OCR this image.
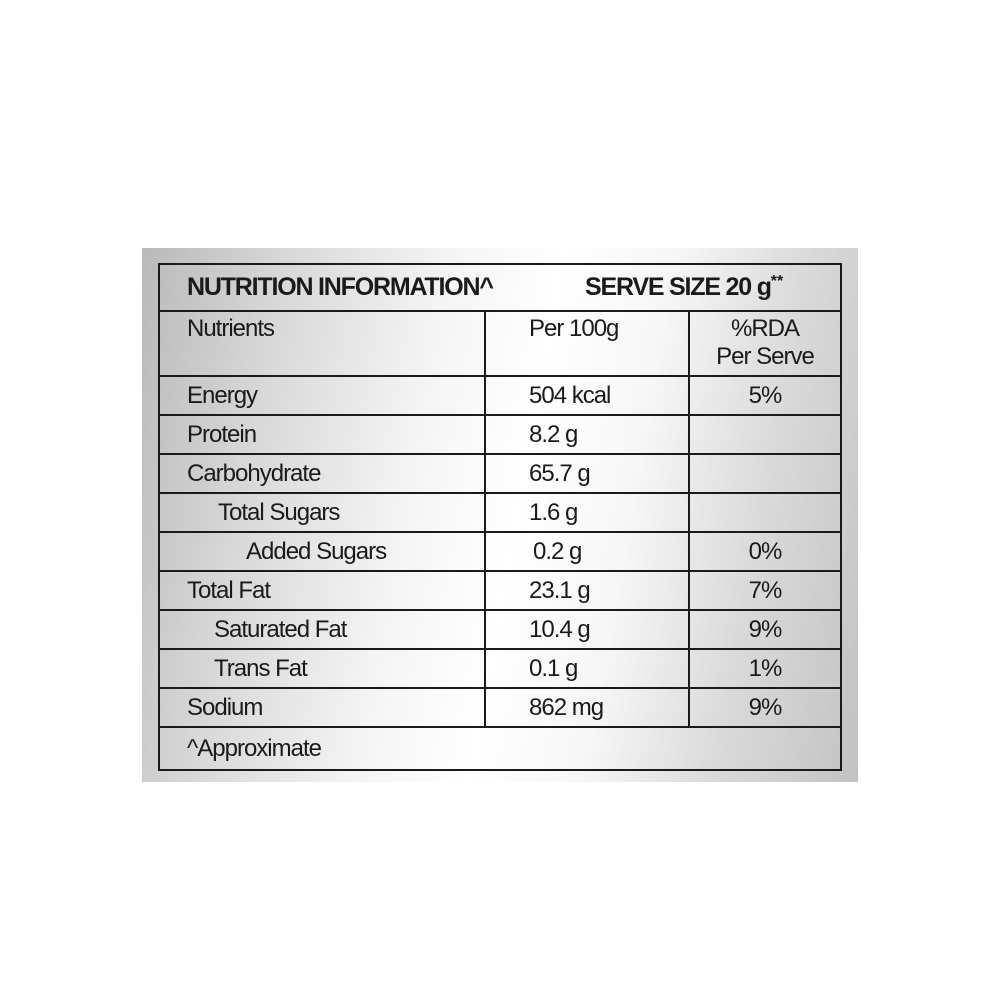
NUTRITION INFORMATION^	SERVE SIZE 20 g**
Nutrients	Per 100g	%RDA
Per Serve
Energy	504 kcal	5%
Protein	8.2 g
Carbohydrate	65.7 g
Total Sugars	1.6 g
Added Sugars	0.2 g	0%
Total Fat	23.1 g	7%
Saturated Fat	10.4 g	9%
Trans Fat	0.1 g	1%
Sodium	862 mg	9%
^Approximate
